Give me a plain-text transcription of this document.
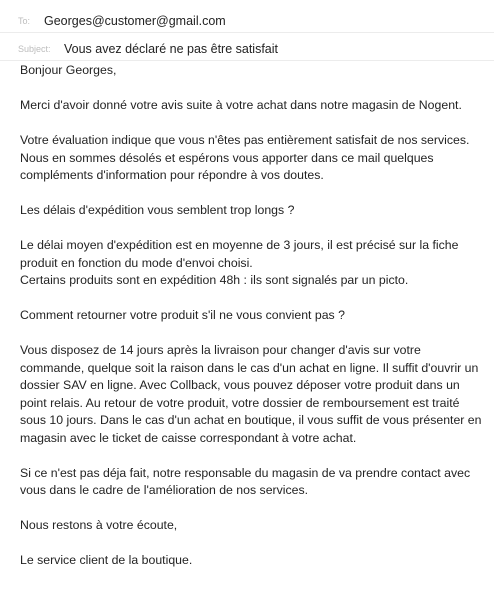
To: Georges@customer@gmail.com
Subject: Vous avez déclaré ne pas être satisfait

Bonjour Georges,

Merci d'avoir donné votre avis suite à votre achat dans notre magasin de Nogent.

Votre évaluation indique que vous n'êtes pas entièrement satisfait de nos services. Nous en sommes désolés et espérons vous apporter dans ce mail quelques compléments d'information pour répondre à vos doutes.

Les délais d'expédition vous semblent trop longs ?

Le délai moyen d'expédition est en moyenne de 3 jours, il est précisé sur la fiche produit en fonction du mode d'envoi choisi.

Certains produits sont en expédition 48h : ils sont signalés par un picto.

Comment retourner votre produit s'il ne vous convient pas ?

Vous disposez de 14 jours après la livraison pour changer d'avis sur votre commande, quelque soit la raison dans le cas d'un achat en ligne. Il suffit d'ouvrir un dossier SAV en ligne. Avec Collback, vous pouvez déposer votre produit dans un point relais. Au retour de votre produit, votre dossier de remboursement est traité sous 10 jours. Dans le cas d'un achat en boutique, il vous suffit de vous présenter en magasin avec le ticket de caisse correspondant à votre achat.

Si ce n'est pas déja fait, notre responsable du magasin de va prendre contact avec vous dans le cadre de l'amélioration de nos services.

Nous restons à votre écoute,

Le service client de la boutique.
